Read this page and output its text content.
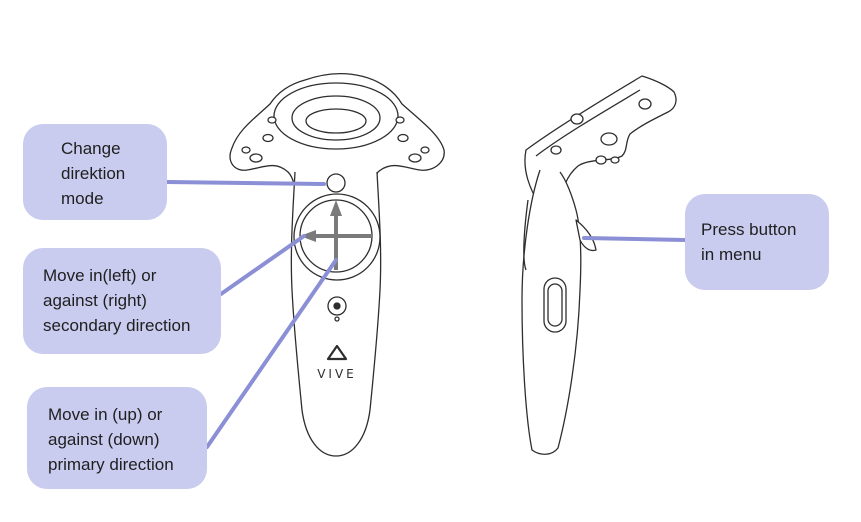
VIVE
Change
direktion
mode
Move in(left) or
against (right)
secondary direction
Move in (up) or
against (down)
primary direction
Press button
in menu
